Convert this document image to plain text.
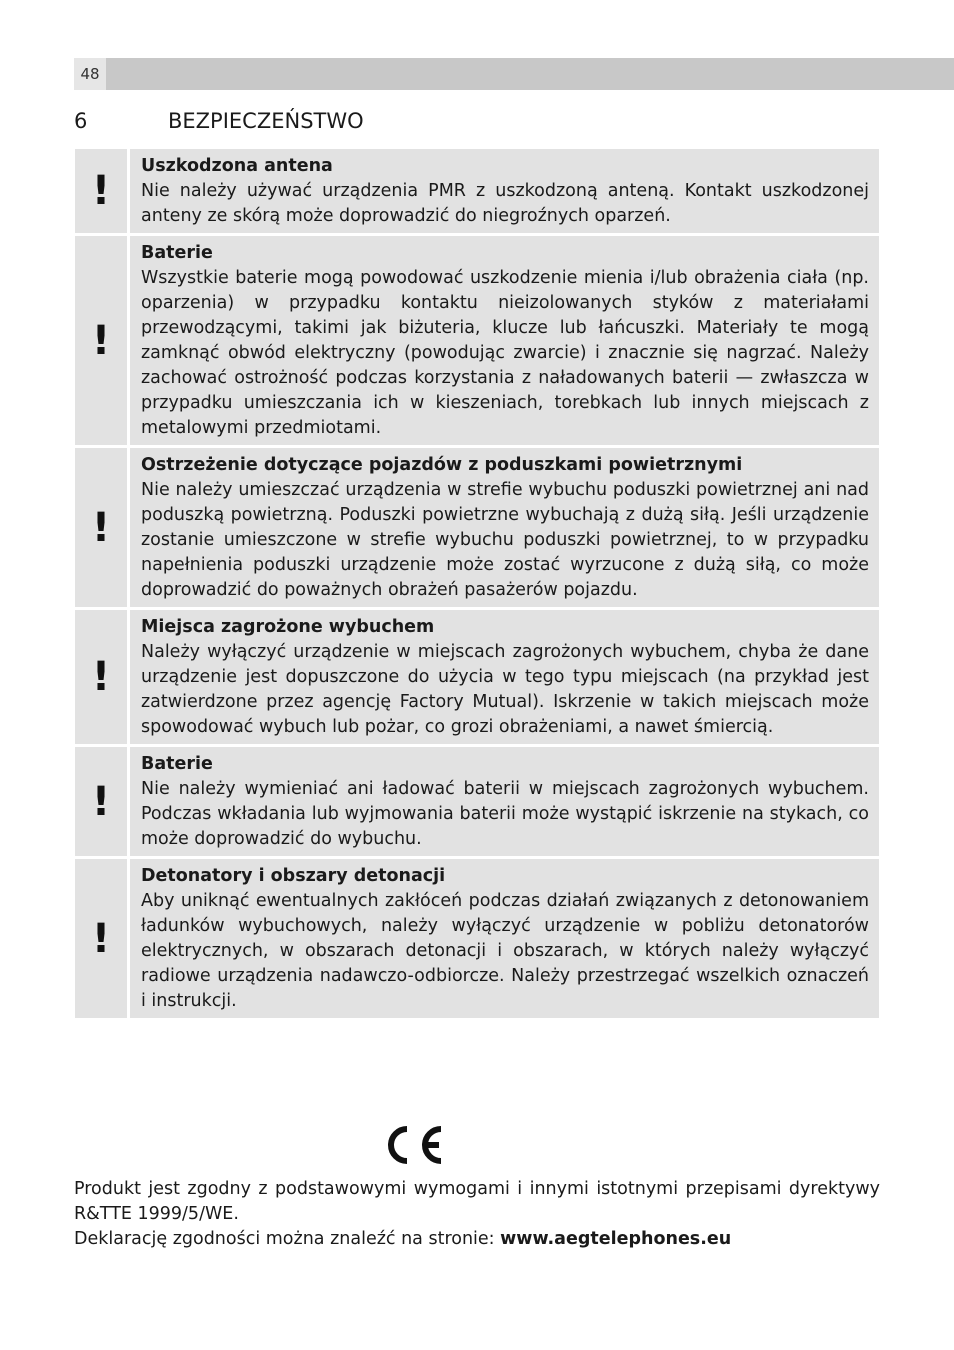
48
6	BEZPIECZEŃSTWO
!
Uszkodzona antena
Nie należy używać urządzenia PMR z uszkodzoną anteną. Kontakt uszkodzonej anteny ze skórą może doprowadzić do niegroźnych oparzeń.
!
Baterie
Wszystkie baterie mogą powodować uszkodzenie mienia i/lub obrażenia ciała (np. oparzenia) w przypadku kontaktu nieizolowanych styków z materiałami przewodzącymi, takimi jak biżuteria, klucze lub łańcuszki. Materiały te mogą zamknąć obwód elektryczny (powodując zwarcie) i znacznie się nagrzać. Należy zachować ostrożność podczas korzystania z naładowanych baterii — zwłaszcza w przypadku umieszczania ich w kieszeniach, torebkach lub innych miejscach z metalowymi przedmiotami.
!
Ostrzeżenie dotyczące pojazdów z poduszkami powietrznymi
Nie należy umieszczać urządzenia w strefie wybuchu poduszki powietrznej ani nad poduszką powietrzną. Poduszki powietrzne wybuchają z dużą siłą. Jeśli urządzenie zostanie umieszczone w strefie wybuchu poduszki powietrznej, to w przypadku napełnienia poduszki urządzenie może zostać wyrzucone z dużą siłą, co może doprowadzić do poważnych obrażeń pasażerów pojazdu.
!
Miejsca zagrożone wybuchem
Należy wyłączyć urządzenie w miejscach zagrożonych wybuchem, chyba że dane urządzenie jest dopuszczone do użycia w tego typu miejscach (na przykład jest zatwierdzone przez agencję Factory Mutual). Iskrzenie w takich miejscach może spowodować wybuch lub pożar, co grozi obrażeniami, a nawet śmiercią.
!
Baterie
Nie należy wymieniać ani ładować baterii w miejscach zagrożonych wybuchem. Podczas wkładania lub wyjmowania baterii może wystąpić iskrzenie na stykach, co może doprowadzić do wybuchu.
!
Detonatory i obszary detonacji
Aby uniknąć ewentualnych zakłóceń podczas działań związanych z detonowaniem ładunków wybuchowych, należy wyłączyć urządzenie w pobliżu detonatorów elektrycznych, w obszarach detonacji i obszarach, w których należy wyłączyć radiowe urządzenia nadawczo-odbiorcze. Należy przestrzegać wszelkich oznaczeń i instrukcji.

Produkt jest zgodny z podstawowymi wymogami i innymi istotnymi przepisami dyrektywy R&TTE 1999/5/WE.

Deklarację zgodności można znaleźć na stronie: www.aegtelephones.eu
